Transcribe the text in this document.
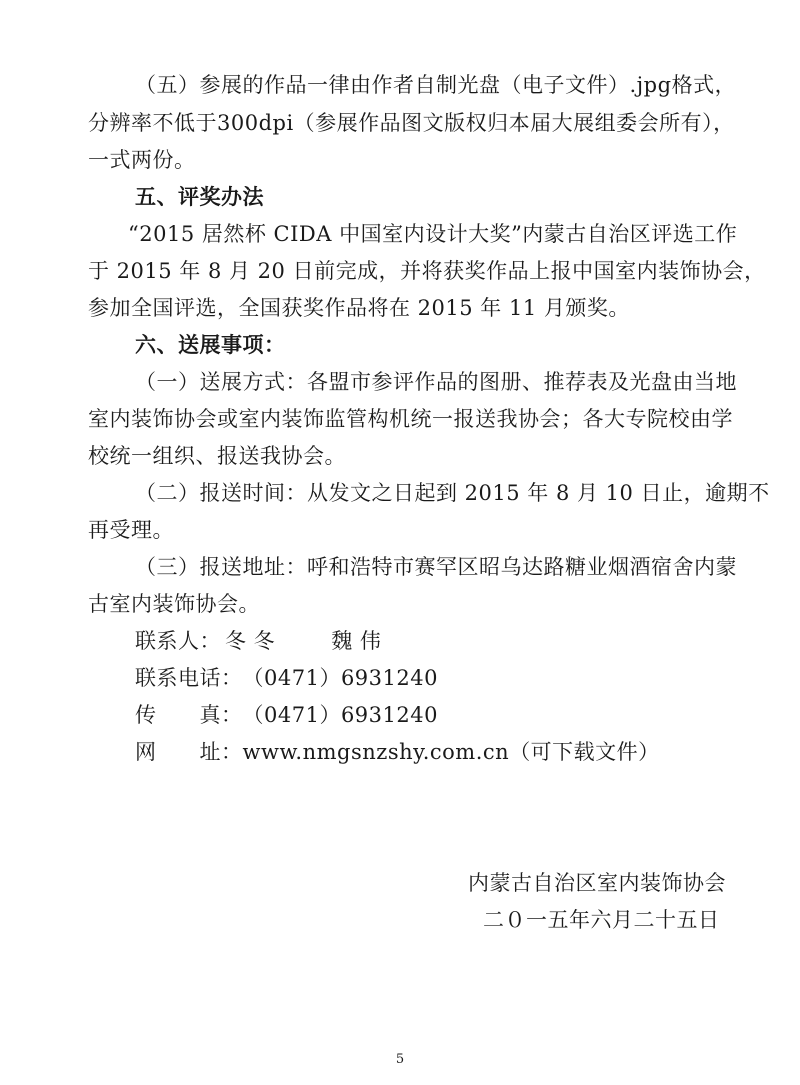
（五）参展的作品一律由作者自制光盘（电子文件）.jpg格式，
分辨率不低于300dpi（参展作品图文版权归本届大展组委会所有），
一式两份。
五、评奖办法
“2015 居然杯 CIDA 中国室内设计大奖”内蒙古自治区评选工作
于 2015 年 8 月 20 日前完成，并将获奖作品上报中国室内装饰协会，
参加全国评选，全国获奖作品将在 2015 年 11 月颁奖。
六、送展事项：
（一）送展方式：各盟市参评作品的图册、推荐表及光盘由当地
室内装饰协会或室内装饰监管构机统一报送我协会；各大专院校由学
校统一组织、报送我协会。
（二）报送时间：从发文之日起到 2015 年 8 月 10 日止，逾期不
再受理。
（三）报送地址：呼和浩特市赛罕区昭乌达路糖业烟酒宿舍内蒙
古室内装饰协会。
联系人： 冬 冬	魏 伟
联系电话：（0471）6931240
传　　真：（0471）6931240
网　　址：www.nmgsnzshy.com.cn（可下载文件）
内蒙古自治区室内装饰协会
二０一五年六月二十五日
5
